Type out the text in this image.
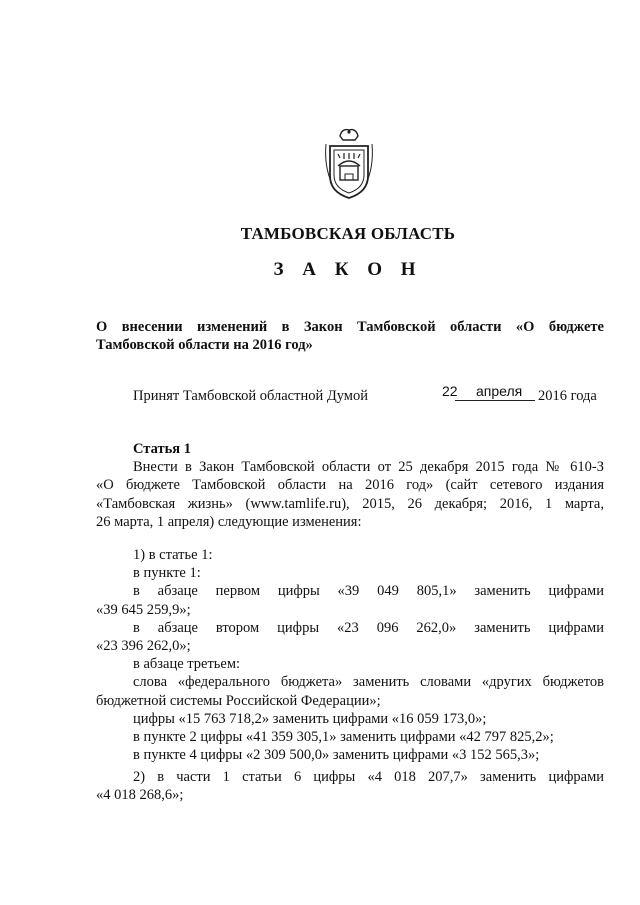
ТАМБОВСКАЯ ОБЛАСТЬ
З А К О Н
О внесении изменений в Закон Тамбовской области «О бюджете
Тамбовской области на 2016 год»
Принят Тамбовской областной Думой	22 апреля 2016 года

Статья 1

Внести в Закон Тамбовской области от 25 декабря 2015 года № 610-З

«О бюджете Тамбовской области на 2016 год» (сайт сетевого издания

«Тамбовская жизнь» (www.tamlife.ru), 2015, 26 декабря; 2016, 1 марта,

26 марта, 1 апреля) следующие изменения:

1) в статье 1:

в пункте 1:

в абзаце первом цифры «39 049 805,1» заменить цифрами

«39 645 259,9»;

в абзаце втором цифры «23 096 262,0» заменить цифрами

«23 396 262,0»;

в абзаце третьем:

слова «федерального бюджета» заменить словами «других бюджетов

бюджетной системы Российской Федерации»;

цифры «15 763 718,2» заменить цифрами «16 059 173,0»;

в пункте 2 цифры «41 359 305,1» заменить цифрами «42 797 825,2»;

в пункте 4 цифры «2 309 500,0» заменить цифрами «3 152 565,3»;

2) в части 1 статьи 6 цифры «4 018 207,7» заменить цифрами

«4 018 268,6»;
